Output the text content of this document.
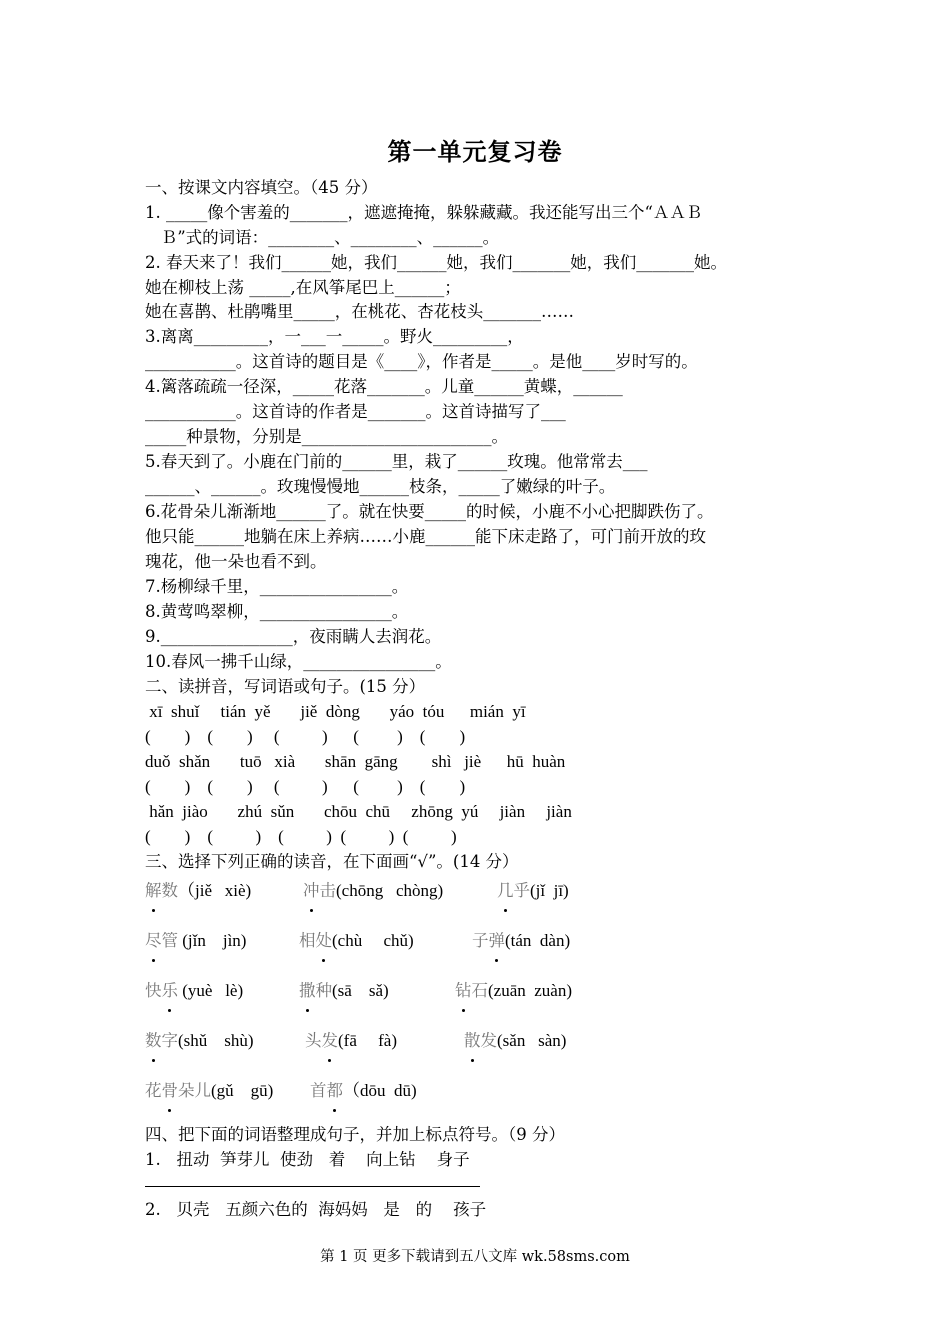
第一单元复习卷
一、按课文内容填空。（45 分）
1. _____像个害羞的_______，遮遮掩掩，躲躲藏藏。我还能写出三个“ＡＡＢ
Ｂ”式的词语：________、________、______。
2. 春天来了！我们______她，我们______她，我们_______她，我们_______她。
她在柳枝上荡 _____,在风筝尾巴上______；
她在喜鹊、杜鹃嘴里_____，在桃花、杏花枝头_______……
3.离离_________，一___一_____。野火_________，
___________。这首诗的题目是《____》，作者是_____。是他____岁时写的。
4.篱落疏疏一径深，_____花落_______。儿童______黄蝶，______
___________。这首诗的作者是_______。这首诗描写了___
_____种景物，分别是_______________________。
5.春天到了。小鹿在门前的______里，栽了______玫瑰。他常常去___
______、______。玫瑰慢慢地______枝条，_____了嫩绿的叶子。
6.花骨朵儿渐渐地______了。就在快要_____的时候，小鹿不小心把脚跌伤了。
他只能______地躺在床上养病……小鹿______能下床走路了，可门前开放的玫
瑰花，他一朵也看不到。
7.杨柳绿千里，________________。
8.黄莺鸣翠柳，________________。
9.________________，夜雨瞒人去润花。
10.春风一拂千山绿，________________。
二、读拼音，写词语或句子。(15 分）
xī  shuǐ     tián  yě       jiě  dòng       yáo  tóu      mián  yī
(        )    (        )     (          )      (         )    (        )
duǒ  shǎn       tuō   xià       shān  gāng        shì   jiè      hū  huàn
(        )    (        )     (          )      (         )    (        )
hǎn  jiào       zhú  sǔn       chōu  chū     zhōng  yú     jiàn     jiàn
(        )    (          )    (          )  (          )  (          )
三、选择下列正确的读音，在下面画“√”。(14 分）
解数（jiě   xiè)	冲击(chōng   chòng)	几乎(jǐ  jī)
尽管 (jǐn    jìn)	相处(chù     chǔ)	子弹(tán  dàn)
快乐 (yuè   lè)	撒种(sā    sǎ)	钻石(zuān  zuàn)
数字(shǔ    shù)	头发(fā     fà)	散发(sǎn   sàn)
花骨朵儿(gǔ    gū) 首都（dōu  dū)
四、把下面的词语整理成句子，并加上标点符号。（9 分）
1.   扭动  笋芽儿  使劲   着    向上钻    身子
2.   贝壳   五颜六色的  海妈妈   是   的    孩子
第 1 页 更多下载请到五八文库 wk.58sms.com
